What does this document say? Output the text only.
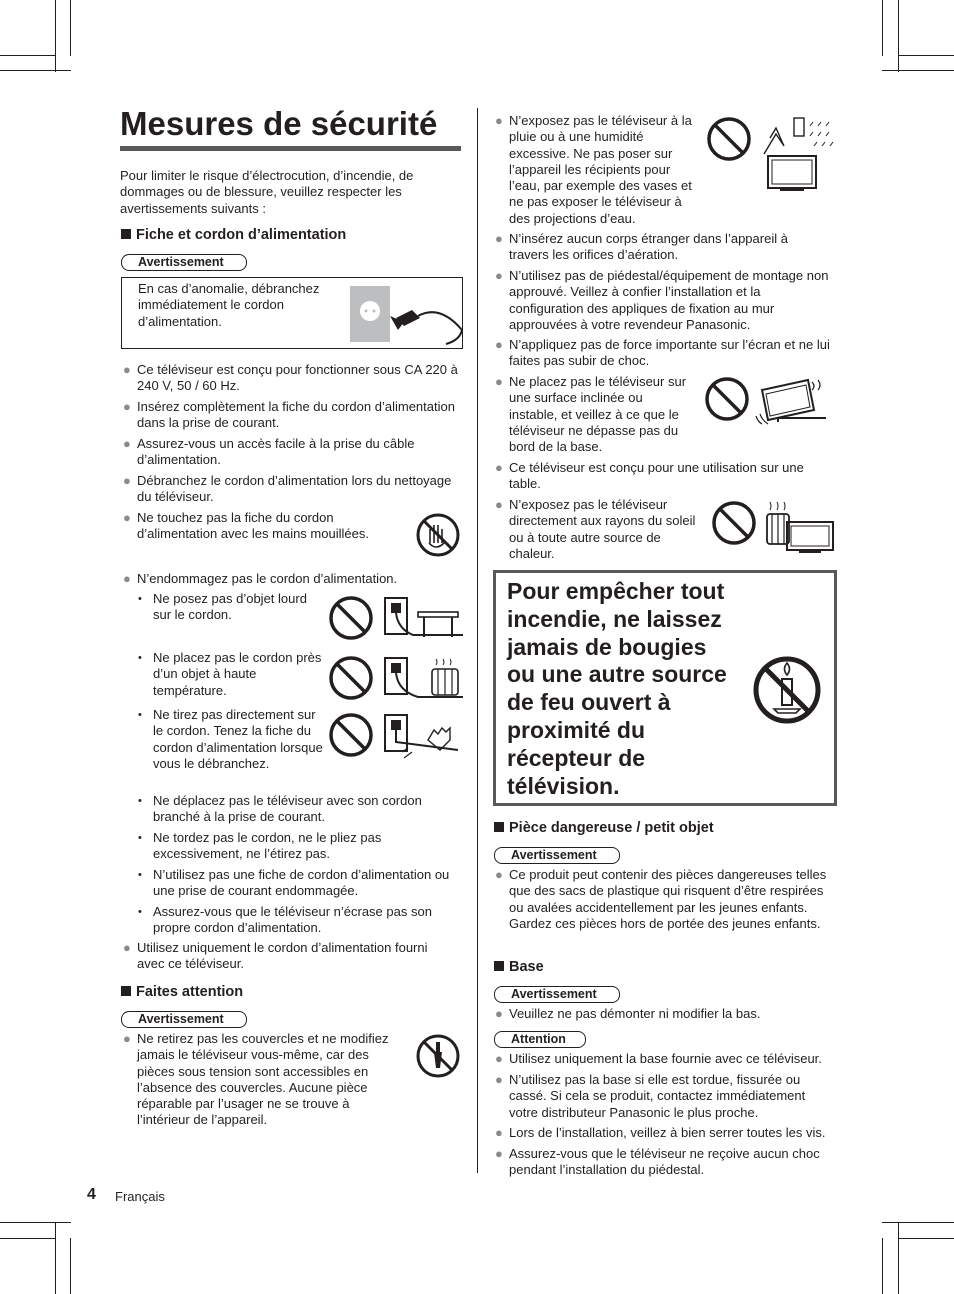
Mesures de sécurité
Pour limiter le risque d’électrocution, d’incendie, de dommages ou de blessure, veuillez respecter les avertissements suivants :
Fiche et cordon d’alimentation
Avertissement
En cas d’anomalie, débranchez immédiatement le cordon d’alimentation.
● Ce téléviseur est conçu pour fonctionner sous CA 220 à 240 V, 50 / 60 Hz.
● Insérez complètement la fiche du cordon d’alimentation dans la prise de courant.
● Assurez-vous un accès facile à la prise du câble d’alimentation.
● Débranchez le cordon d’alimentation lors du nettoyage du téléviseur.
● Ne touchez pas la fiche du cordon d’alimentation avec les mains mouillées.
● N’endommagez pas le cordon d’alimentation.
• Ne posez pas d’objet lourd sur le cordon.
• Ne placez pas le cordon près d’un objet à haute température.
• Ne tirez pas directement sur le cordon. Tenez la fiche du cordon d’alimentation lorsque vous le débranchez.
• Ne déplacez pas le téléviseur avec son cordon branché à la prise de courant.
• Ne tordez pas le cordon, ne le pliez pas excessivement, ne l’étirez pas.
• N’utilisez pas une fiche de cordon d’alimentation ou une prise de courant endommagée.
• Assurez-vous que le téléviseur n’écrase pas son propre cordon d’alimentation.
● Utilisez uniquement le cordon d’alimentation fourni avec ce téléviseur.
Faites attention
Avertissement
● Ne retirez pas les couvercles et ne modifiez jamais le téléviseur vous-même, car des pièces sous tension sont accessibles en l’absence des couvercles. Aucune pièce réparable par l’usager ne se trouve à l’intérieur de l’appareil.
4 Français
● N’exposez pas le téléviseur à la pluie ou à une humidité excessive. Ne pas poser sur l’appareil les récipients pour l’eau, par exemple des vases et ne pas exposer le téléviseur à des projections d’eau.
● N’insérez aucun corps étranger dans l’appareil à travers les orifices d’aération.
● N’utilisez pas de piédestal/équipement de montage non approuvé. Veillez à confier l’installation et la configuration des appliques de fixation au mur approuvées à votre revendeur Panasonic.
● N’appliquez pas de force importante sur l’écran et ne lui faites pas subir de choc.
● Ne placez pas le téléviseur sur une surface inclinée ou instable, et veillez à ce que le téléviseur ne dépasse pas du bord de la base.
● Ce téléviseur est conçu pour une utilisation sur une table.
● N’exposez pas le téléviseur directement aux rayons du soleil ou à toute autre source de chaleur.
Pour empêcher tout incendie, ne laissez jamais de bougies ou une autre source de feu ouvert à proximité du récepteur de télévision.
Pièce dangereuse / petit objet
Avertissement
● Ce produit peut contenir des pièces dangereuses telles que des sacs de plastique qui risquent d’être respirées ou avalées accidentellement par les jeunes enfants. Gardez ces pièces hors de portée des jeunes enfants.
Base
Avertissement
● Veuillez ne pas démonter ni modifier la bas.
Attention
● Utilisez uniquement la base fournie avec ce téléviseur.
● N’utilisez pas la base si elle est tordue, fissurée ou cassé. Si cela se produit, contactez immédiatement votre distributeur Panasonic le plus proche.
● Lors de l’installation, veillez à bien serrer toutes les vis.
● Assurez-vous que le téléviseur ne reçoive aucun choc pendant l’installation du piédestal.
